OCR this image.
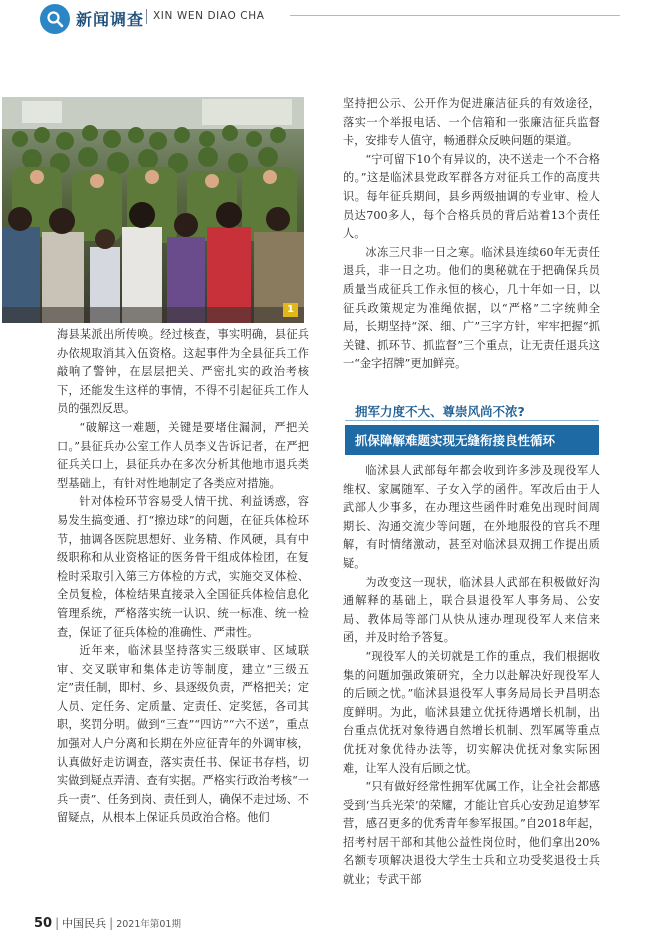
新闻调查 XIN WEN DIAO CHA
1

坚持把公示、公开作为促进廉洁征兵的有效途径，落实一个举报电话、一个信箱和一张廉洁征兵监督卡，安排专人值守，畅通群众反映问题的渠道。

“宁可留下10个有异议的，决不送走一个不合格的。”这是临沭县党政军群各方对征兵工作的高度共识。每年征兵期间，县乡两级抽调的专业审、检人员达700多人，每个合格兵员的背后站着13个责任人。

冰冻三尺非一日之寒。临沭县连续60年无责任退兵，非一日之功。他们的奥秘就在于把确保兵员质量当成征兵工作永恒的核心，几十年如一日，以征兵政策规定为准绳依据，以“严格”二字统帅全局，长期坚持“深、细、广”三字方针，牢牢把握“抓关键、抓环节、抓监督”三个重点，让无责任退兵这一“金字招牌”更加鲜亮。

拥军力度不大、尊崇风尚不浓?
抓保障解难题实现无缝衔接良性循环

海县某派出所传唤。经过核查，事实明确，县征兵办依规取消其入伍资格。这起事件为全县征兵工作敲响了警钟，在层层把关、严密扎实的政治考核下，还能发生这样的事情，不得不引起征兵工作人员的强烈反思。

“破解这一难题，关键是要堵住漏洞，严把关口。”县征兵办公室工作人员李义告诉记者，在严把征兵关口上，县征兵办在多次分析其他地市退兵类型基础上，有针对性地制定了各类应对措施。

针对体检环节容易受人情干扰、利益诱惑，容易发生搞变通、打“擦边球”的问题，在征兵体检环节，抽调各医院思想好、业务精、作风硬，具有中级职称和从业资格证的医务骨干组成体检团，在复检时采取引入第三方体检的方式，实施交叉体检、全员复检，体检结果直接录入全国征兵体检信息化管理系统，严格落实统一认识、统一标准、统一检查，保证了征兵体检的准确性、严肃性。

近年来，临沭县坚持落实三级联审、区域联审、交叉联审和集体走访等制度，建立“三级五定”责任制，即村、乡、县逐级负责，严格把关；定人员、定任务、定质量、定责任、定奖惩，各司其职，奖罚分明。做到“三查”“四访”“六不送”，重点加强对人户分离和长期在外应征青年的外调审核，认真做好走访调查，落实责任书、保证书存档，切实做到疑点弄清、查有实据。严格实行政治考核“一兵一责”、任务到岗、责任到人，确保不走过场、不留疑点，从根本上保证兵员政治合格。他们

临沭县人武部每年都会收到许多涉及现役军人维权、家属随军、子女入学的函件。军改后由于人武部人少事多，在办理这些函件时难免出现时间周期长、沟通交流少等问题，在外地服役的官兵不理解，有时情绪激动，甚至对临沭县双拥工作提出质疑。

为改变这一现状，临沭县人武部在积极做好沟通解释的基础上，联合县退役军人事务局、公安局、教体局等部门从快从速办理现役军人来信来函，并及时给予答复。

“现役军人的关切就是工作的重点，我们根据收集的问题加强政策研究，全力以赴解决好现役军人的后顾之忧。”临沭县退役军人事务局局长尹昌明态度鲜明。为此，临沭县建立优抚待遇增长机制，出台重点优抚对象待遇自然增长机制、烈军属等重点优抚对象优待办法等，切实解决优抚对象实际困难，让军人没有后顾之忧。

“只有做好经常性拥军优属工作，让全社会都感受到‘当兵光荣’的荣耀，才能让官兵心安劲足追梦军营，感召更多的优秀青年参军报国。”自2018年起，招考村居干部和其他公益性岗位时，他们拿出20%名额专项解决退役大学生士兵和立功受奖退役士兵就业；专武干部

50 | 中国民兵 | 2021年第01期
